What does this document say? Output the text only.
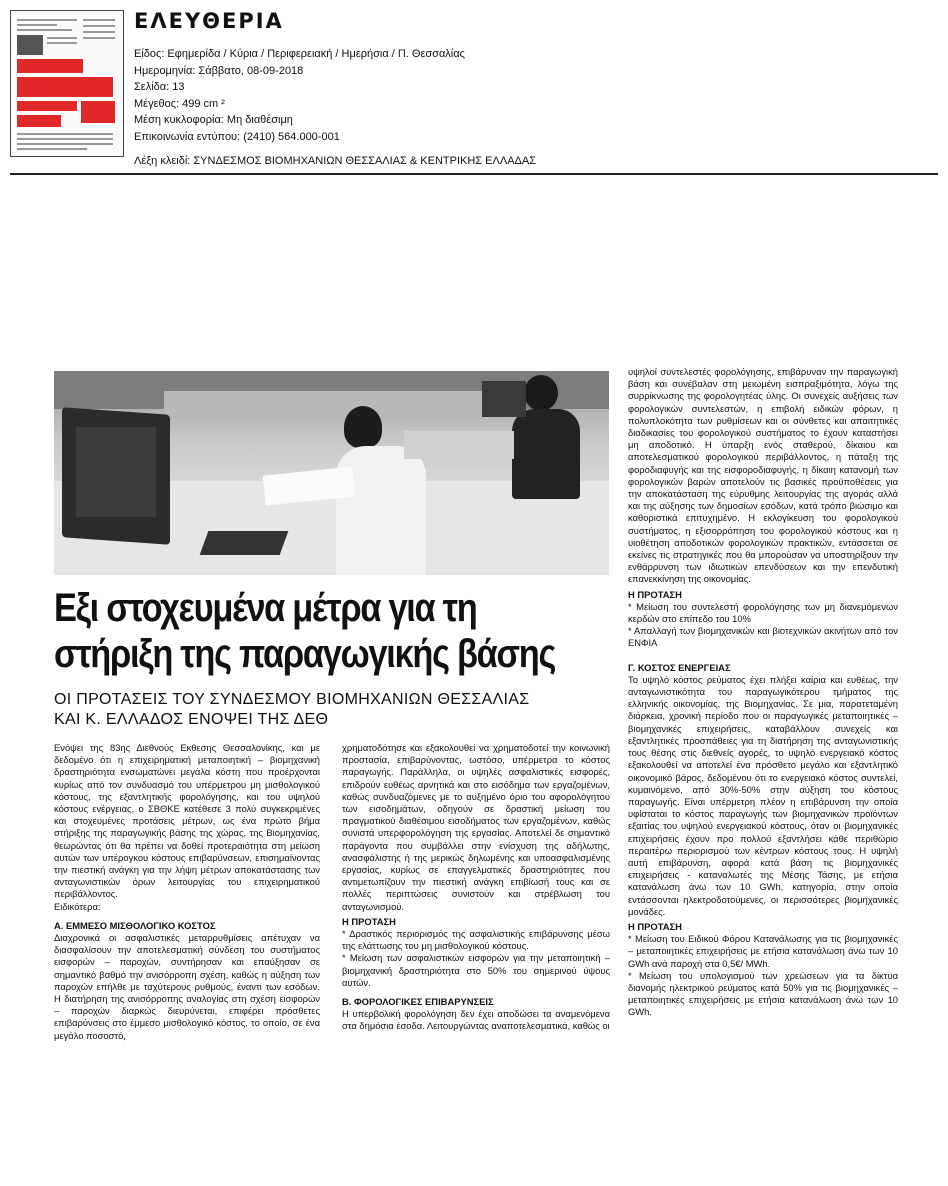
ΕΛΕΥΘΕΡΙΑ
Είδος: Εφημερίδα / Κύρια / Περιφερειακή / Ημερήσια / Π. Θεσσαλίας
Ημερομηνία: Σάββατο, 08-09-2018
Σελίδα: 13
Μέγεθος: 499 cm ²
Μέση κυκλοφορία: Μη διαθέσιμη
Επικοινωνία εντύπου: (2410) 564.000-001
Λέξη κλειδί: ΣΥΝΔΕΣΜΟΣ ΒΙΟΜΗΧΑΝΙΩΝ ΘΕΣΣΑΛΙΑΣ & ΚΕΝΤΡΙΚΗΣ ΕΛΛΑΔΑΣ
Εξι στοχευμένα μέτρα για τη
στήριξη της παραγωγικής βάσης
ΟΙ ΠΡΟΤΑΣΕΙΣ ΤΟΥ ΣΥΝΔΕΣΜΟΥ ΒΙΟΜΗΧΑΝΙΩΝ ΘΕΣΣΑΛΙΑΣ
ΚΑΙ Κ. ΕΛΛΑΔΟΣ ΕΝΟΨΕΙ ΤΗΣ ΔΕΘ

Ενόψει της 83ης Διεθνούς Εκθεσης Θεσσαλονίκης, και με δεδομένο ότι η επιχειρηματική μεταποιητική – βιομηχανική δραστηριότητα ενσωματώνει μεγάλα κόστη που προέρχονται κυρίως από τον συνδυασμό του υπέρμετρου μη μισθολογικού κόστους, της εξαντλητικής φορολόγησης, και του υψηλού κόστους ενέργειας, ο ΣΒΘΚΕ κατέθεσε 3 πολύ συγκεκριμένες και στοχευμένες προτάσεις μέτρων, ως ένα πρώτο βήμα στήριξης της παραγωγικής βάσης της χώρας, της Βιομηχανίας, θεωρώντας ότι θα πρέπει να δοθεί προτεραιότητα στη μείωση αυτών των υπέρογκου κόστους επιβαρύνσεων, επισημαίνοντας την πιεστική ανάγκη για την λήψη μέτρων αποκατάστασης των ανταγωνιστικών όρων λειτουργίας του επιχειρηματικού περιβάλλοντος.

Ειδικότερα:

Α. ΕΜΜΕΣΟ ΜΙΣΘΟΛΟΓΙΚΟ ΚΟΣΤΟΣ

Διαχρονικά οι ασφαλιστικές μεταρρυθμίσεις απέτυχαν να διασφαλίσουν την αποτελεσματική σύνδεση του συστήματος εισφορών – παροχών, συντήρησαν και επαύξησαν σε σημαντικό βαθμό την ανισόρροπη σχέση, καθώς η αύξηση των παροχών επήλθε με ταχύτερους ρυθμούς, έναντι των εσόδων. Η διατήρηση της ανισόρροπης αναλογίας στη σχέση εισφορών – παροχών διαρκώς διευρύνεται, επιφέρει πρόσθετες επιβαρύνσεις στο έμμεσο μισθολογικό κόστος, το οποίο, σε ένα μεγάλο ποσοστό,

χρηματοδότησε και εξακολουθεί να χρηματοδοτεί την κοινωνική προστασία, επιβαρύνοντας, ωστόσο, υπέρμετρα το κόστος παραγωγής. Παράλληλα, οι υψηλές ασφαλιστικές εισφορές, επιδρούν ευθέως αρνητικά και στο εισόδημα των εργαζομένων, καθώς συνδυαζόμενες με το αυξημένο όριο του αφορολόγητου των εισοδημάτων, οδηγούν σε δραστική μείωση του πραγματικού διαθέσιμου εισοδήματος των εργαζομένων, καθώς συνιστά υπερφορολόγηση της εργασίας. Αποτελεί δε σημαντικό παράγοντα που συμβάλλει στην ενίσχυση της αδήλωτης, ανασφάλιστης ή της μερικώς δηλωμένης και υποασφαλισμένης εργασίας, κυρίως σε επαγγελματικές δραστηριότητες που αντιμετωπίζουν την πιεστική ανάγκη επιβίωσή τους και σε πολλές περιπτώσεις συνιστούν και στρέβλωση του ανταγωνισμού.

Η ΠΡΟΤΑΣΗ

* Δραστικός περιορισμός της ασφαλιστικής επιβάρυνσης μέσω της ελάττωσης του μη μισθολογικού κόστους.

* Μείωση των ασφαλιστικών εισφορών για την μεταποιητική – βιομηχανική δραστηριότητα στο 50% του σημερινού ύψους αυτών.

Β. ΦΟΡΟΛΟΓΙΚΕΣ ΕΠΙΒΑΡΥΝΣΕΙΣ

Η υπερβολική φορολόγηση δεν έχει αποδώσει τα αναμενόμενα στα δημόσια έσοδα. Λειτουργώντας αναποτελεσματικά, καθώς οι

υψηλοί συντελεστές φορολόγησης, επιβάρυναν την παραγωγική βάση και συνέβαλαν στη μειωμένη εισπραξιμότητα, λόγω της συρρίκνωσης της φορολογητέας ύλης. Οι συνεχείς αυξήσεις των φορολογικών συντελεστών, η επιβολή ειδικών φόρων, η πολυπλοκότητα των ρυθμίσεων και οι σύνθετες και απαιτητικές διαδικασίες του φορολογικού συστήματος το έχουν καταστήσει μη αποδοτικό. Η ύπαρξη ενός σταθερού, δίκαιου και αποτελεσματικού φορολογικού περιβάλλοντος, η πάταξη της φοροδιαφυγής και της εισφοροδιαφυγής, η δίκαιη κατανομή των φορολογικών βαρών αποτελούν τις βασικές προϋποθέσεις για την αποκατάσταση της εύρυθμης λειτουργίας της αγοράς αλλά και της αύξησης των δημοσίων εσόδων, κατά τρόπο βιώσιμο και καθοριστικά επιτυχημένο. Η εκλογίκευση του φορολογικού συστήματος, η εξισορρόπηση του φορολογικού κόστους και η υιοθέτηση αποδοτικών φορολογικών πρακτικών, εντάσσεται σε εκείνες τις στρατηγικές που θα μπορούσαν να υποστηρίξουν την ενθάρρυνση των ιδιωτικών επενδύσεων και την επενδυτική επανεκκίνηση της οικονομίας.

Η ΠΡΟΤΑΣΗ

* Μείωση του συντελεστή φορολόγησης των μη διανεμόμενων κερδών στο επίπεδο του 10%

* Απαλλαγή των βιομηχανικών και βιοτεχνικών ακινήτων από τον ΕΝΦΙΑ

Γ. ΚΟΣΤΟΣ ΕΝΕΡΓΕΙΑΣ

Το υψηλό κόστος ρεύματος έχει πλήξει καίρια και ευθέως, την ανταγωνιστικότητα του παραγωγικότερου τμήματος της ελληνικής οικονομίας, της Βιομηχανίας. Σε μια, παρατεταμένη διάρκεια, χρονική περίοδο που οι παραγωγικές μεταποιητικές – βιομηχανικές επιχειρήσεις, καταβάλλουν συνεχείς και εξαντλητικές προσπάθειες για τη διατήρηση της ανταγωνιστικής τους θέσης στις διεθνείς αγορές, το υψηλό ενεργειακό κόστος εξακολουθεί να αποτελεί ένα πρόσθετο μεγάλο και εξαντλητικό οικονομικό βάρος, δεδομένου ότι το ενεργειακό κόστος συντελεί, κυμαινόμενο, από 30%-50% στην αύξηση του κόστους παραγωγής. Είναι υπέρμετρη πλέον η επιβάρυνση την οποία υφίσταται το κόστος παραγωγής των βιομηχανικών προϊόντων εξαιτίας του υψηλού ενεργειακού κόστους, όταν οι βιομηχανικές επιχειρήσεις έχουν προ πολλού εξαντλήσει κάθε περιθώριο περαιτέρω περιορισμού των κέντρων κόστους τους. Η υψηλή αυτή επιβάρυνση, αφορά κατά βάση τις βιομηχανικές επιχειρήσεις - καταναλωτές της Μέσης Τάσης, με ετήσια κατανάλωση άνω των 10 GWh, κατηγορία, στην οποία εντάσσονται ηλεκτροδοτούμενες, οι περισσότερες βιομηχανικές μονάδες.

Η ΠΡΟΤΑΣΗ

* Μείωση του Ειδικού Φόρου Κατανάλωσης για τις βιομηχανικές – μεταποιητικές επιχειρήσεις με ετήσια κατανάλωση άνω των 10 GWh ανά παροχή στα 0,5€/ MWh.

* Μείωση του υπολογισμού των χρεώσεων για τα δίκτυα διανομής ηλεκτρικού ρεύματος κατά 50% για τις βιομηχανικές – μεταποιητικές επιχειρήσεις με ετήσια κατανάλωση άνω των 10 GWh.
